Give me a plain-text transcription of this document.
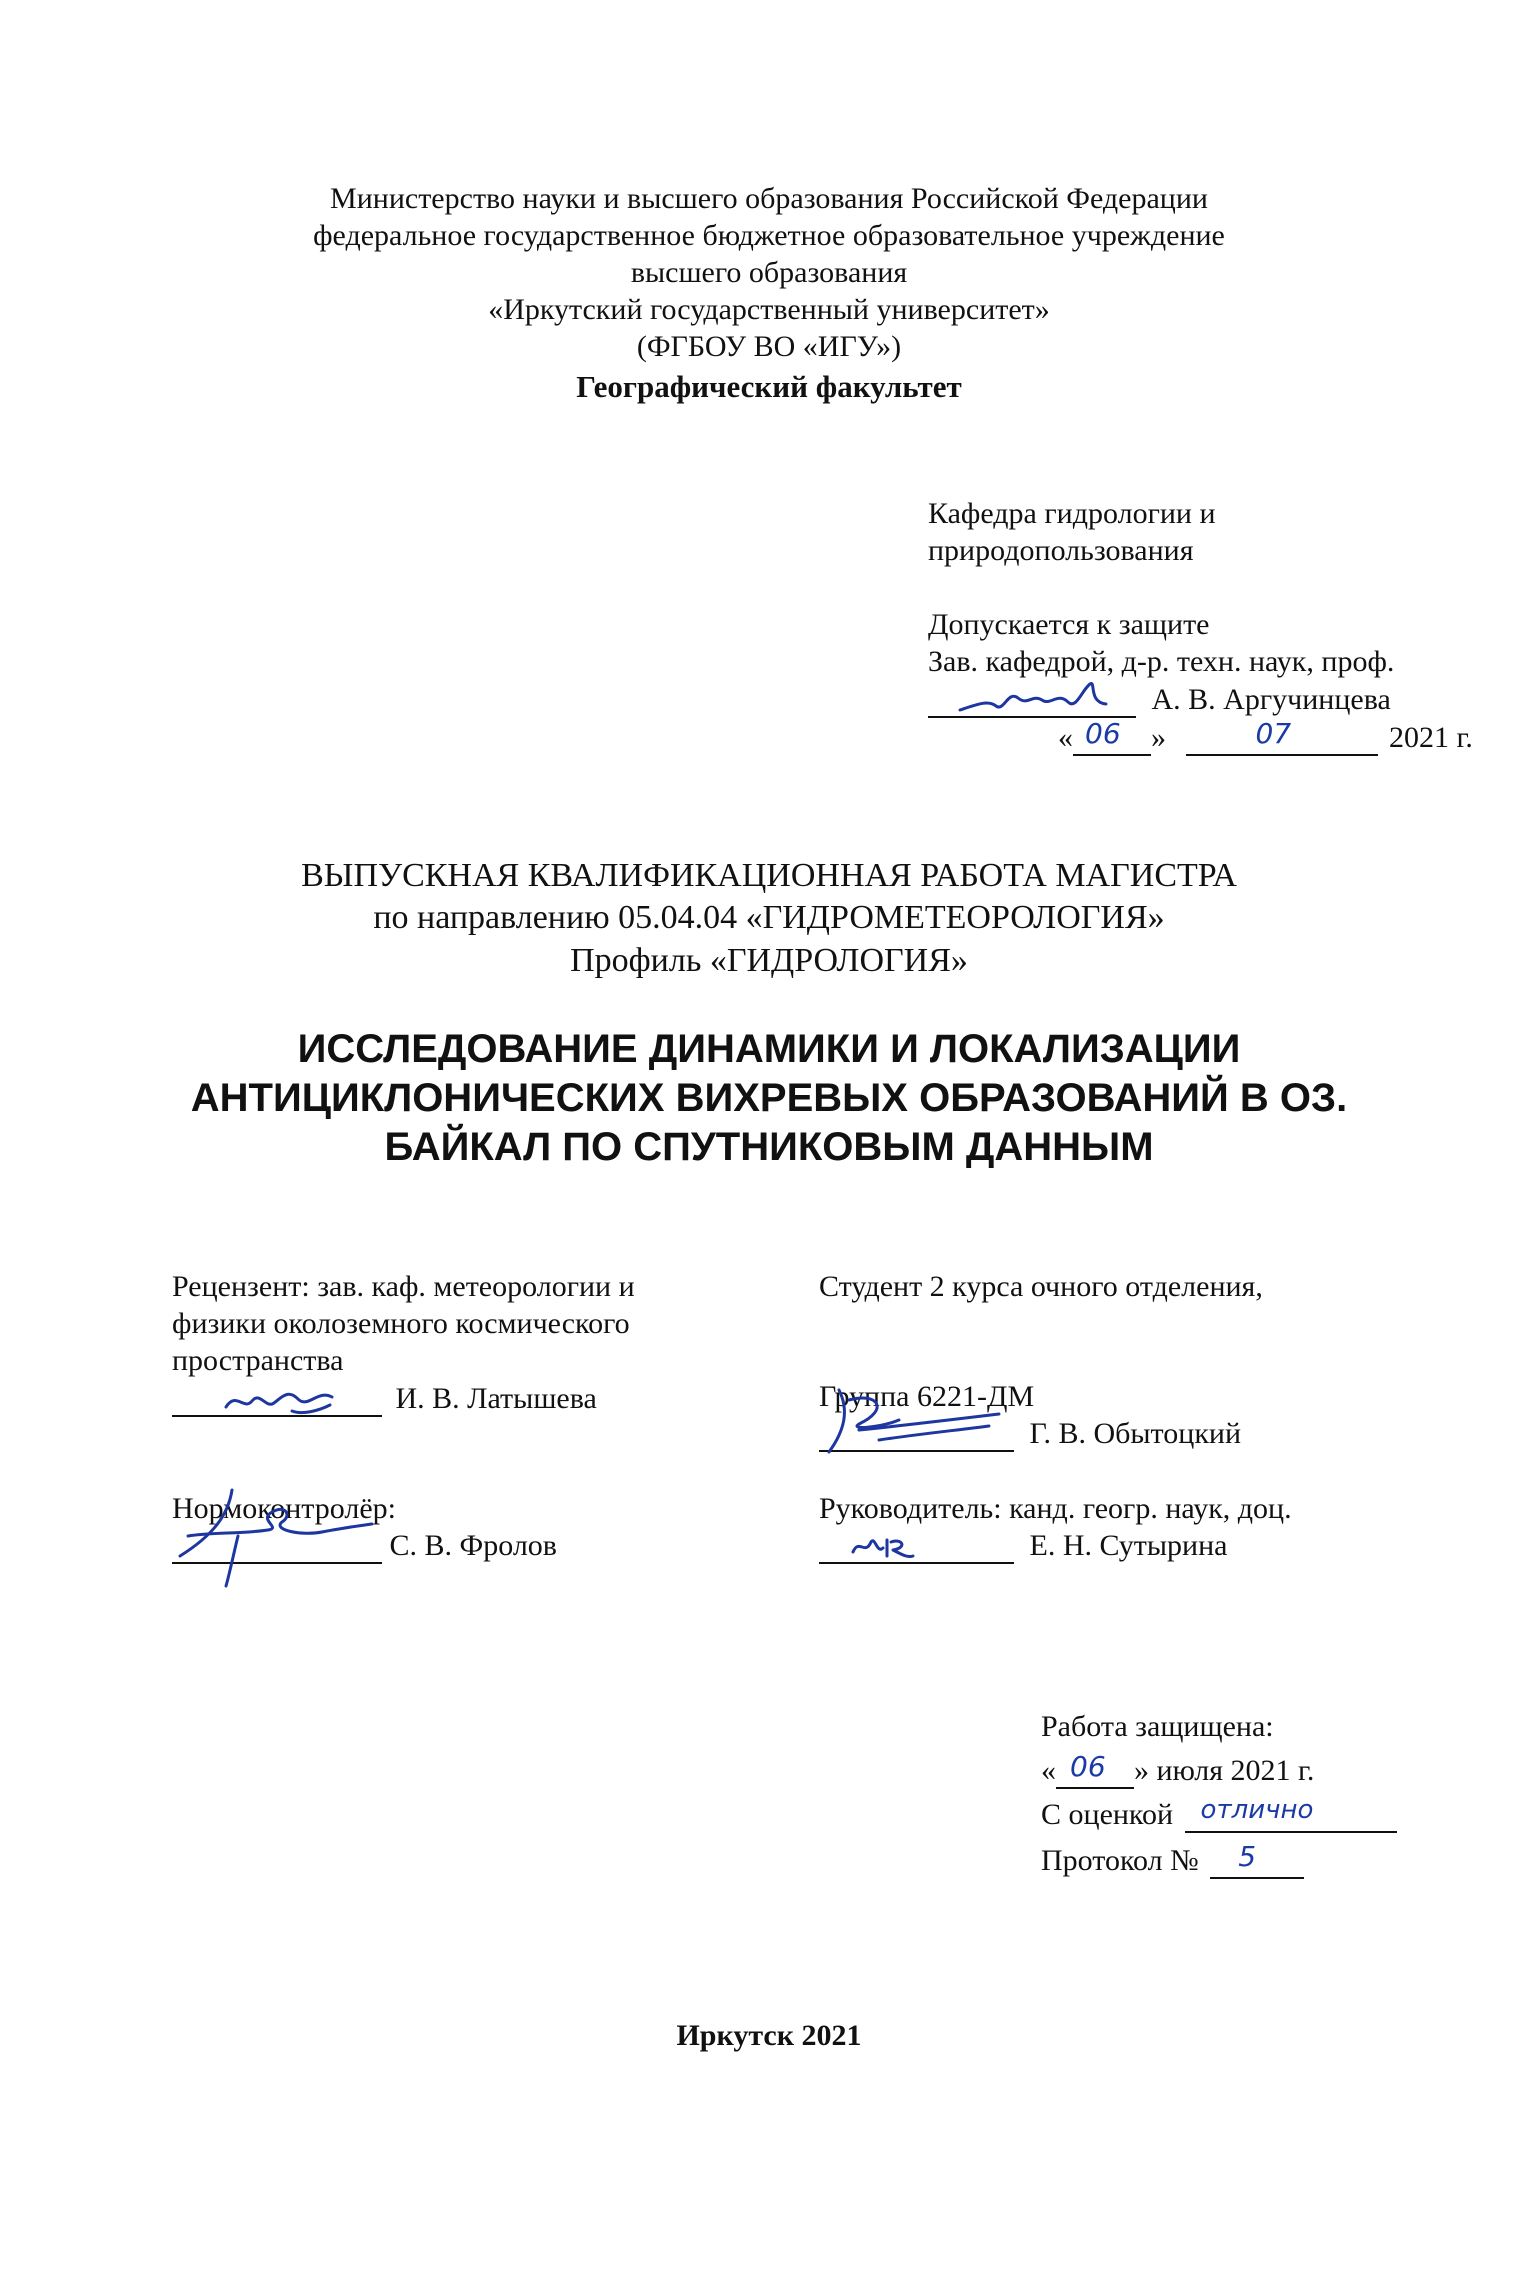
Министерство науки и высшего образования Российской Федерации
федеральное государственное бюджетное образовательное учреждение
высшего образования
«Иркутский государственный университет»
(ФГБОУ ВО «ИГУ»)
Географический факультет
Кафедра гидрологии и
природопользования
Допускается к защите
Зав. кафедрой, д-р. техн. наук, проф.
А. В. Аргучинцева
« 06 »	07	2021 г.
ВЫПУСКНАЯ КВАЛИФИКАЦИОННАЯ РАБОТА МАГИСТРА
по направлению 05.04.04 «ГИДРОМЕТЕОРОЛОГИЯ»
Профиль «ГИДРОЛОГИЯ»
ИССЛЕДОВАНИЕ ДИНАМИКИ И ЛОКАЛИЗАЦИИ
АНТИЦИКЛОНИЧЕСКИХ ВИХРЕВЫХ ОБРАЗОВАНИЙ В ОЗ.
БАЙКАЛ ПО СПУТНИКОВЫМ ДАННЫМ
Рецензент: зав. каф. метеорологии и
физики околоземного космического
пространства
И. В. Латышева
Нормоконтролёр:
С. В. Фролов
Студент 2 курса очного отделения,
Группа 6221-ДМ
Г. В. Обытоцкий
Руководитель: канд. геогр. наук, доц.
Е. Н. Сутырина
Работа защищена:
« 06 » июля 2021 г.
С оценкой отлично
Протокол № 5
Иркутск 2021
